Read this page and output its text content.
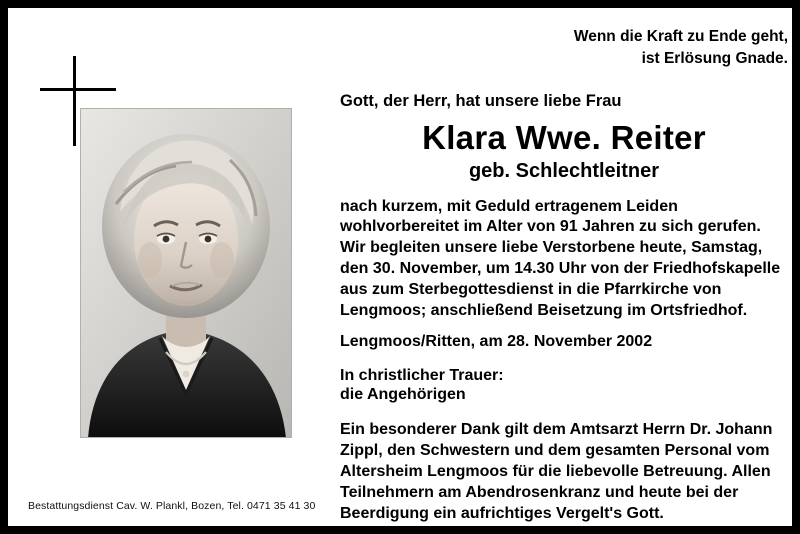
Bestattungsdienst Cav. W. Plankl, Bozen, Tel. 0471 35 41 30
Wenn die Kraft zu Ende geht,
ist Erlösung Gnade.
Gott, der Herr, hat unsere liebe Frau
Klara Wwe. Reiter
geb. Schlechtleitner

nach kurzem, mit Geduld ertragenem Leiden wohlvorbereitet im Alter von 91 Jahren zu sich gerufen. Wir begleiten unsere liebe Verstorbene heute, Samstag, den 30. November, um 14.30 Uhr von der Friedhofskapelle aus zum Sterbegottesdienst in die Pfarrkirche von Lengmoos; anschließend Beisetzung im Ortsfriedhof.

Lengmoos/Ritten, am 28. November 2002
In christlicher Trauer:
die Angehörigen

Ein besonderer Dank gilt dem Amtsarzt Herrn Dr. Johann Zippl, den Schwestern und dem gesamten Personal vom Altersheim Lengmoos für die liebevolle Betreuung. Allen Teilnehmern am Abendrosenkranz und heute bei der Beerdigung ein aufrichtiges Vergelt's Gott.
